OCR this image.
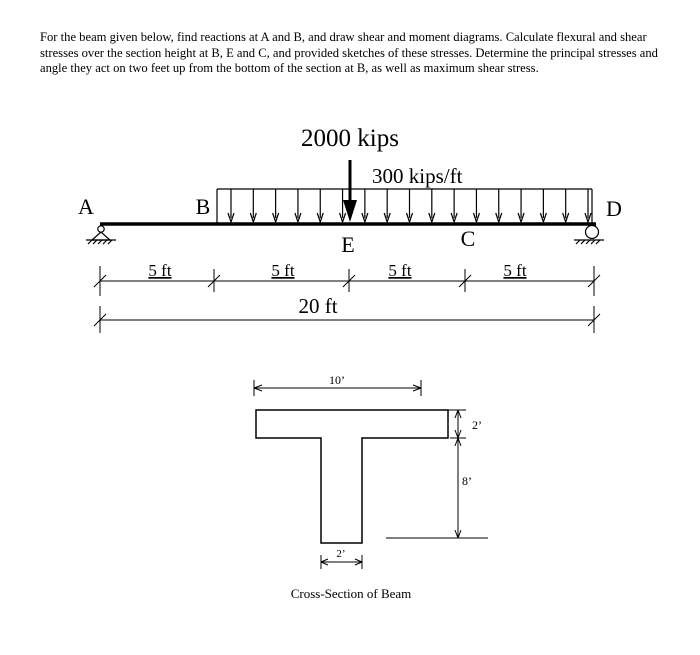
For the beam given below, find reactions at A and B, and draw shear and moment diagrams. Calculate flexural and shear stresses over the section height at B, E and C, and provided sketches of these stresses. Determine the principal stresses and angle they act on two feet up from the bottom of the section at B, as well as maximum shear stress.

2000 kips
300 kips/ft
A	B
E	C
D
5 ft	5 ft	5 ft	5 ft
20 ft
10’
2’
8’
2’
Cross-Section of Beam
